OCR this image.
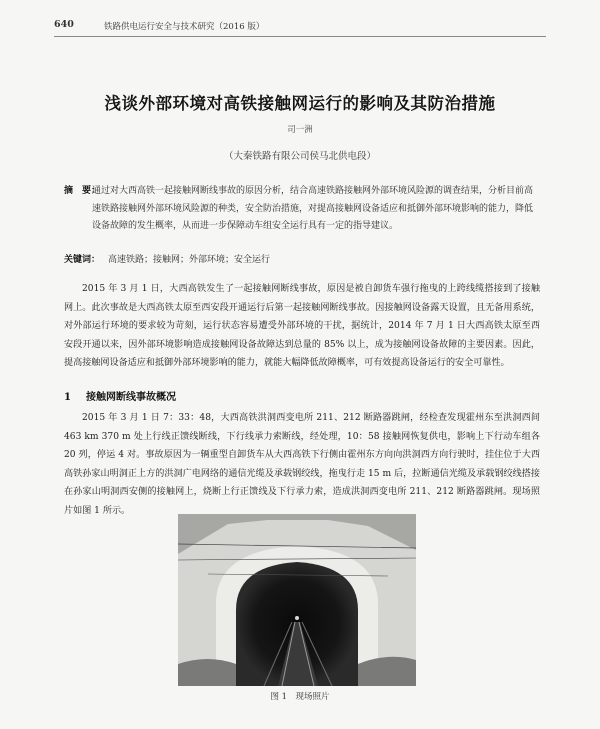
640	铁路供电运行安全与技术研究（2016 版）
浅谈外部环境对高铁接触网运行的影响及其防治措施
司一洲
（大秦铁路有限公司侯马北供电段）
摘　要：
通过对大西高铁一起接触网断线事故的原因分析，结合高速铁路接触网外部环境风险源的调查结果，分析目前高速铁路接触网外部环境风险源的种类，安全防治措施，对提高接触网设备适应和抵御外部环境影响的能力，降低设备故障的发生概率，从而进一步保障动车组安全运行具有一定的指导建议。
关键词： 高速铁路；接触网；外部环境；安全运行
2015 年 3 月 1 日，大西高铁发生了一起接触网断线事故，原因是被自卸货车强行拖曳的上跨线缆搭接到了接触网上。此次事故是大西高铁太原至西安段开通运行后第一起接触网断线事故。因接触网设备露天设置，且无备用系统，对外部运行环境的要求较为苛刻，运行状态容易遭受外部环境的干扰，据统计，2014 年 7 月 1 日大西高铁太原至西安段开通以来，因外部环境影响造成接触网设备故障达到总量的 85% 以上，成为接触网设备故障的主要因素。因此，提高接触网设备适应和抵御外部环境影响的能力，就能大幅降低故障概率，可有效提高设备运行的安全可靠性。
1 接触网断线事故概况
2015 年 3 月 1 日 7：33：48，大西高铁洪洞西变电所 211、212 断路器跳闸，经检查发现霍州东至洪洞西间 463 km 370 m 处上行线正馈线断线，下行线承力索断线，经处理，10：58 接触网恢复供电，影响上下行动车组各 20 列，停运 4 对。事故原因为一辆重型自卸货车从大西高铁下行侧由霍州东方向向洪洞西方向行驶时，挂住位于大西高铁孙家山明洞正上方的洪洞广电网络的通信光缆及承载钢绞线，拖曳行走 15 m 后，拉断通信光缆及承载钢绞线搭接在孙家山明洞西安侧的接触网上，烧断上行正馈线及下行承力索，造成洪洞西变电所 211、212 断路器跳闸。现场照片如图 1 所示。
图 1　现场照片
